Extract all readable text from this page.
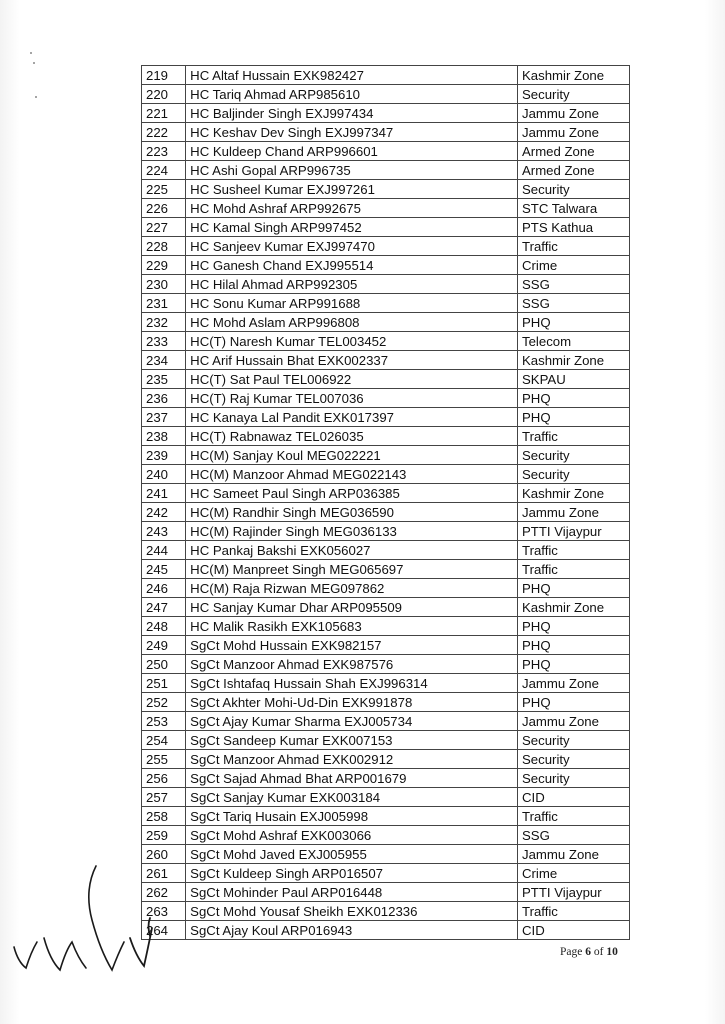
219	HC Altaf Hussain EXK982427	Kashmir Zone
220	HC Tariq Ahmad ARP985610	Security
221	HC Baljinder Singh EXJ997434	Jammu Zone
222	HC Keshav Dev Singh EXJ997347	Jammu Zone
223	HC Kuldeep Chand ARP996601	Armed Zone
224	HC Ashi Gopal ARP996735	Armed Zone
225	HC Susheel Kumar EXJ997261	Security
226	HC Mohd Ashraf ARP992675	STC Talwara
227	HC Kamal Singh ARP997452	PTS Kathua
228	HC Sanjeev Kumar EXJ997470	Traffic
229	HC Ganesh Chand EXJ995514	Crime
230	HC Hilal Ahmad ARP992305	SSG
231	HC Sonu Kumar ARP991688	SSG
232	HC Mohd Aslam ARP996808	PHQ
233	HC(T) Naresh Kumar TEL003452	Telecom
234	HC Arif Hussain Bhat EXK002337	Kashmir Zone
235	HC(T) Sat Paul TEL006922	SKPAU
236	HC(T) Raj Kumar TEL007036	PHQ
237	HC Kanaya Lal Pandit EXK017397	PHQ
238	HC(T) Rabnawaz TEL026035	Traffic
239	HC(M) Sanjay Koul MEG022221	Security
240	HC(M) Manzoor Ahmad MEG022143	Security
241	HC Sameet Paul Singh ARP036385	Kashmir Zone
242	HC(M) Randhir Singh MEG036590	Jammu Zone
243	HC(M) Rajinder Singh MEG036133	PTTI Vijaypur
244	HC Pankaj Bakshi EXK056027	Traffic
245	HC(M) Manpreet Singh MEG065697	Traffic
246	HC(M) Raja Rizwan MEG097862	PHQ
247	HC Sanjay Kumar Dhar ARP095509	Kashmir Zone
248	HC Malik Rasikh EXK105683	PHQ
249	SgCt Mohd Hussain EXK982157	PHQ
250	SgCt Manzoor Ahmad EXK987576	PHQ
251	SgCt Ishtafaq Hussain Shah EXJ996314	Jammu Zone
252	SgCt Akhter Mohi-Ud-Din EXK991878	PHQ
253	SgCt Ajay Kumar Sharma EXJ005734	Jammu Zone
254	SgCt Sandeep Kumar EXK007153	Security
255	SgCt Manzoor Ahmad EXK002912	Security
256	SgCt Sajad Ahmad Bhat ARP001679	Security
257	SgCt Sanjay Kumar EXK003184	CID
258	SgCt Tariq Husain EXJ005998	Traffic
259	SgCt Mohd Ashraf EXK003066	SSG
260	SgCt Mohd Javed EXJ005955	Jammu Zone
261	SgCt Kuldeep Singh ARP016507	Crime
262	SgCt Mohinder Paul ARP016448	PTTI Vijaypur
263	SgCt Mohd Yousaf Sheikh EXK012336	Traffic
264	SgCt Ajay Koul ARP016943	CID
Page 6 of 10
